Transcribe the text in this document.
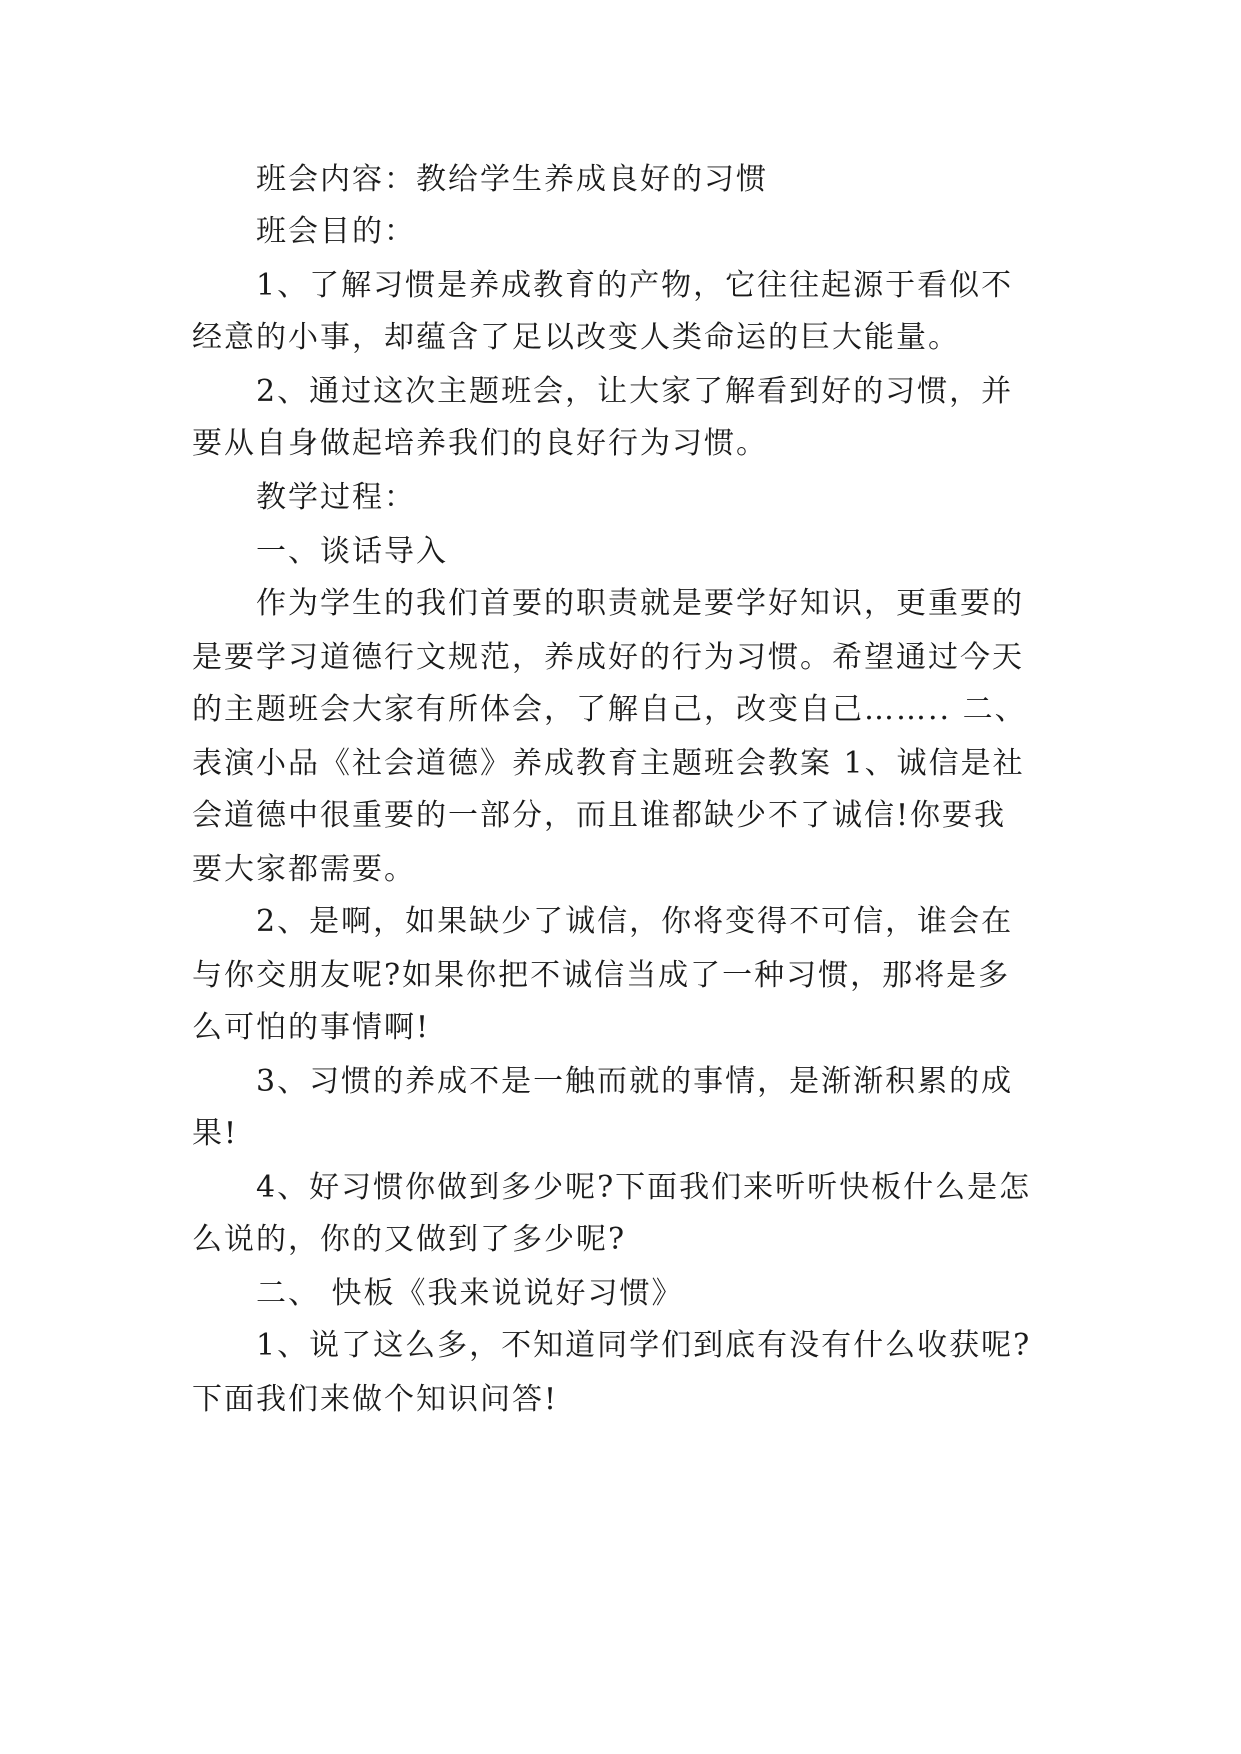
班会内容：教给学生养成良好的习惯
班会目的：
1、了解习惯是养成教育的产物，它往往起源于看似不
经意的小事，却蕴含了足以改变人类命运的巨大能量。
2、通过这次主题班会，让大家了解看到好的习惯，并
要从自身做起培养我们的良好行为习惯。
教学过程：
一、谈话导入
作为学生的我们首要的职责就是要学好知识，更重要的
是要学习道德行文规范，养成好的行为习惯。希望通过今天
的主题班会大家有所体会，了解自己，改变自己…….. 二、
表演小品《社会道德》养成教育主题班会教案 1、诚信是社
会道德中很重要的一部分，而且谁都缺少不了诚信!你要我
要大家都需要。
2、是啊，如果缺少了诚信，你将变得不可信，谁会在
与你交朋友呢?如果你把不诚信当成了一种习惯，那将是多
么可怕的事情啊!
3、习惯的养成不是一触而就的事情，是渐渐积累的成
果!
4、好习惯你做到多少呢?下面我们来听听快板什么是怎
么说的，你的又做到了多少呢?
二、 快板《我来说说好习惯》
1、说了这么多，不知道同学们到底有没有什么收获呢?
下面我们来做个知识问答!
